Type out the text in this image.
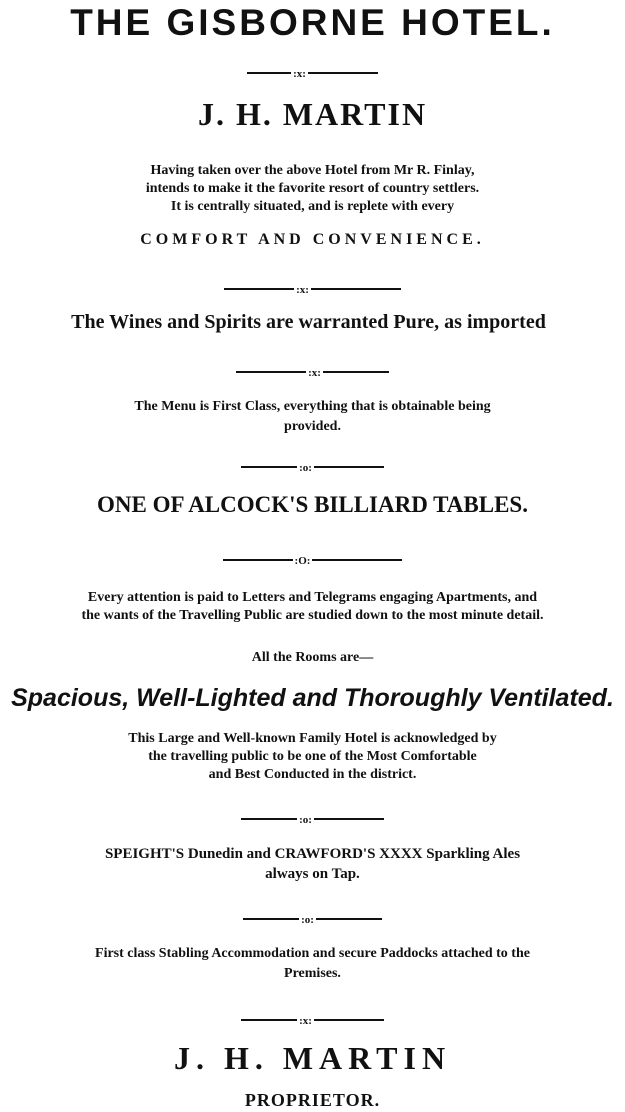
THE GISBORNE HOTEL.
:x:
J. H. MARTIN
Having taken over the above Hotel from Mr R. Finlay,
intends to make it the favorite resort of country settlers.
It is centrally situated, and is replete with every
COMFORT AND CONVENIENCE.
:x:
The Wines and Spirits are warranted Pure, as imported
:x:
The Menu is First Class, everything that is obtainable being
provided.
:o:
ONE OF ALCOCK'S BILLIARD TABLES.
:O:
Every attention is paid to Letters and Telegrams engaging Apartments, and
the wants of the Travelling Public are studied down to the most minute detail.
All the Rooms are—
Spacious, Well-Lighted and Thoroughly Ventilated.
This Large and Well-known Family Hotel is acknowledged by
the travelling public to be one of the Most Comfortable
and Best Conducted in the district.
:o:
SPEIGHT'S Dunedin and CRAWFORD'S XXXX Sparkling Ales
always on Tap.
:o:
First class Stabling Accommodation and secure Paddocks attached to the
Premises.
:x:
J. H. MARTIN
PROPRIETOR.
